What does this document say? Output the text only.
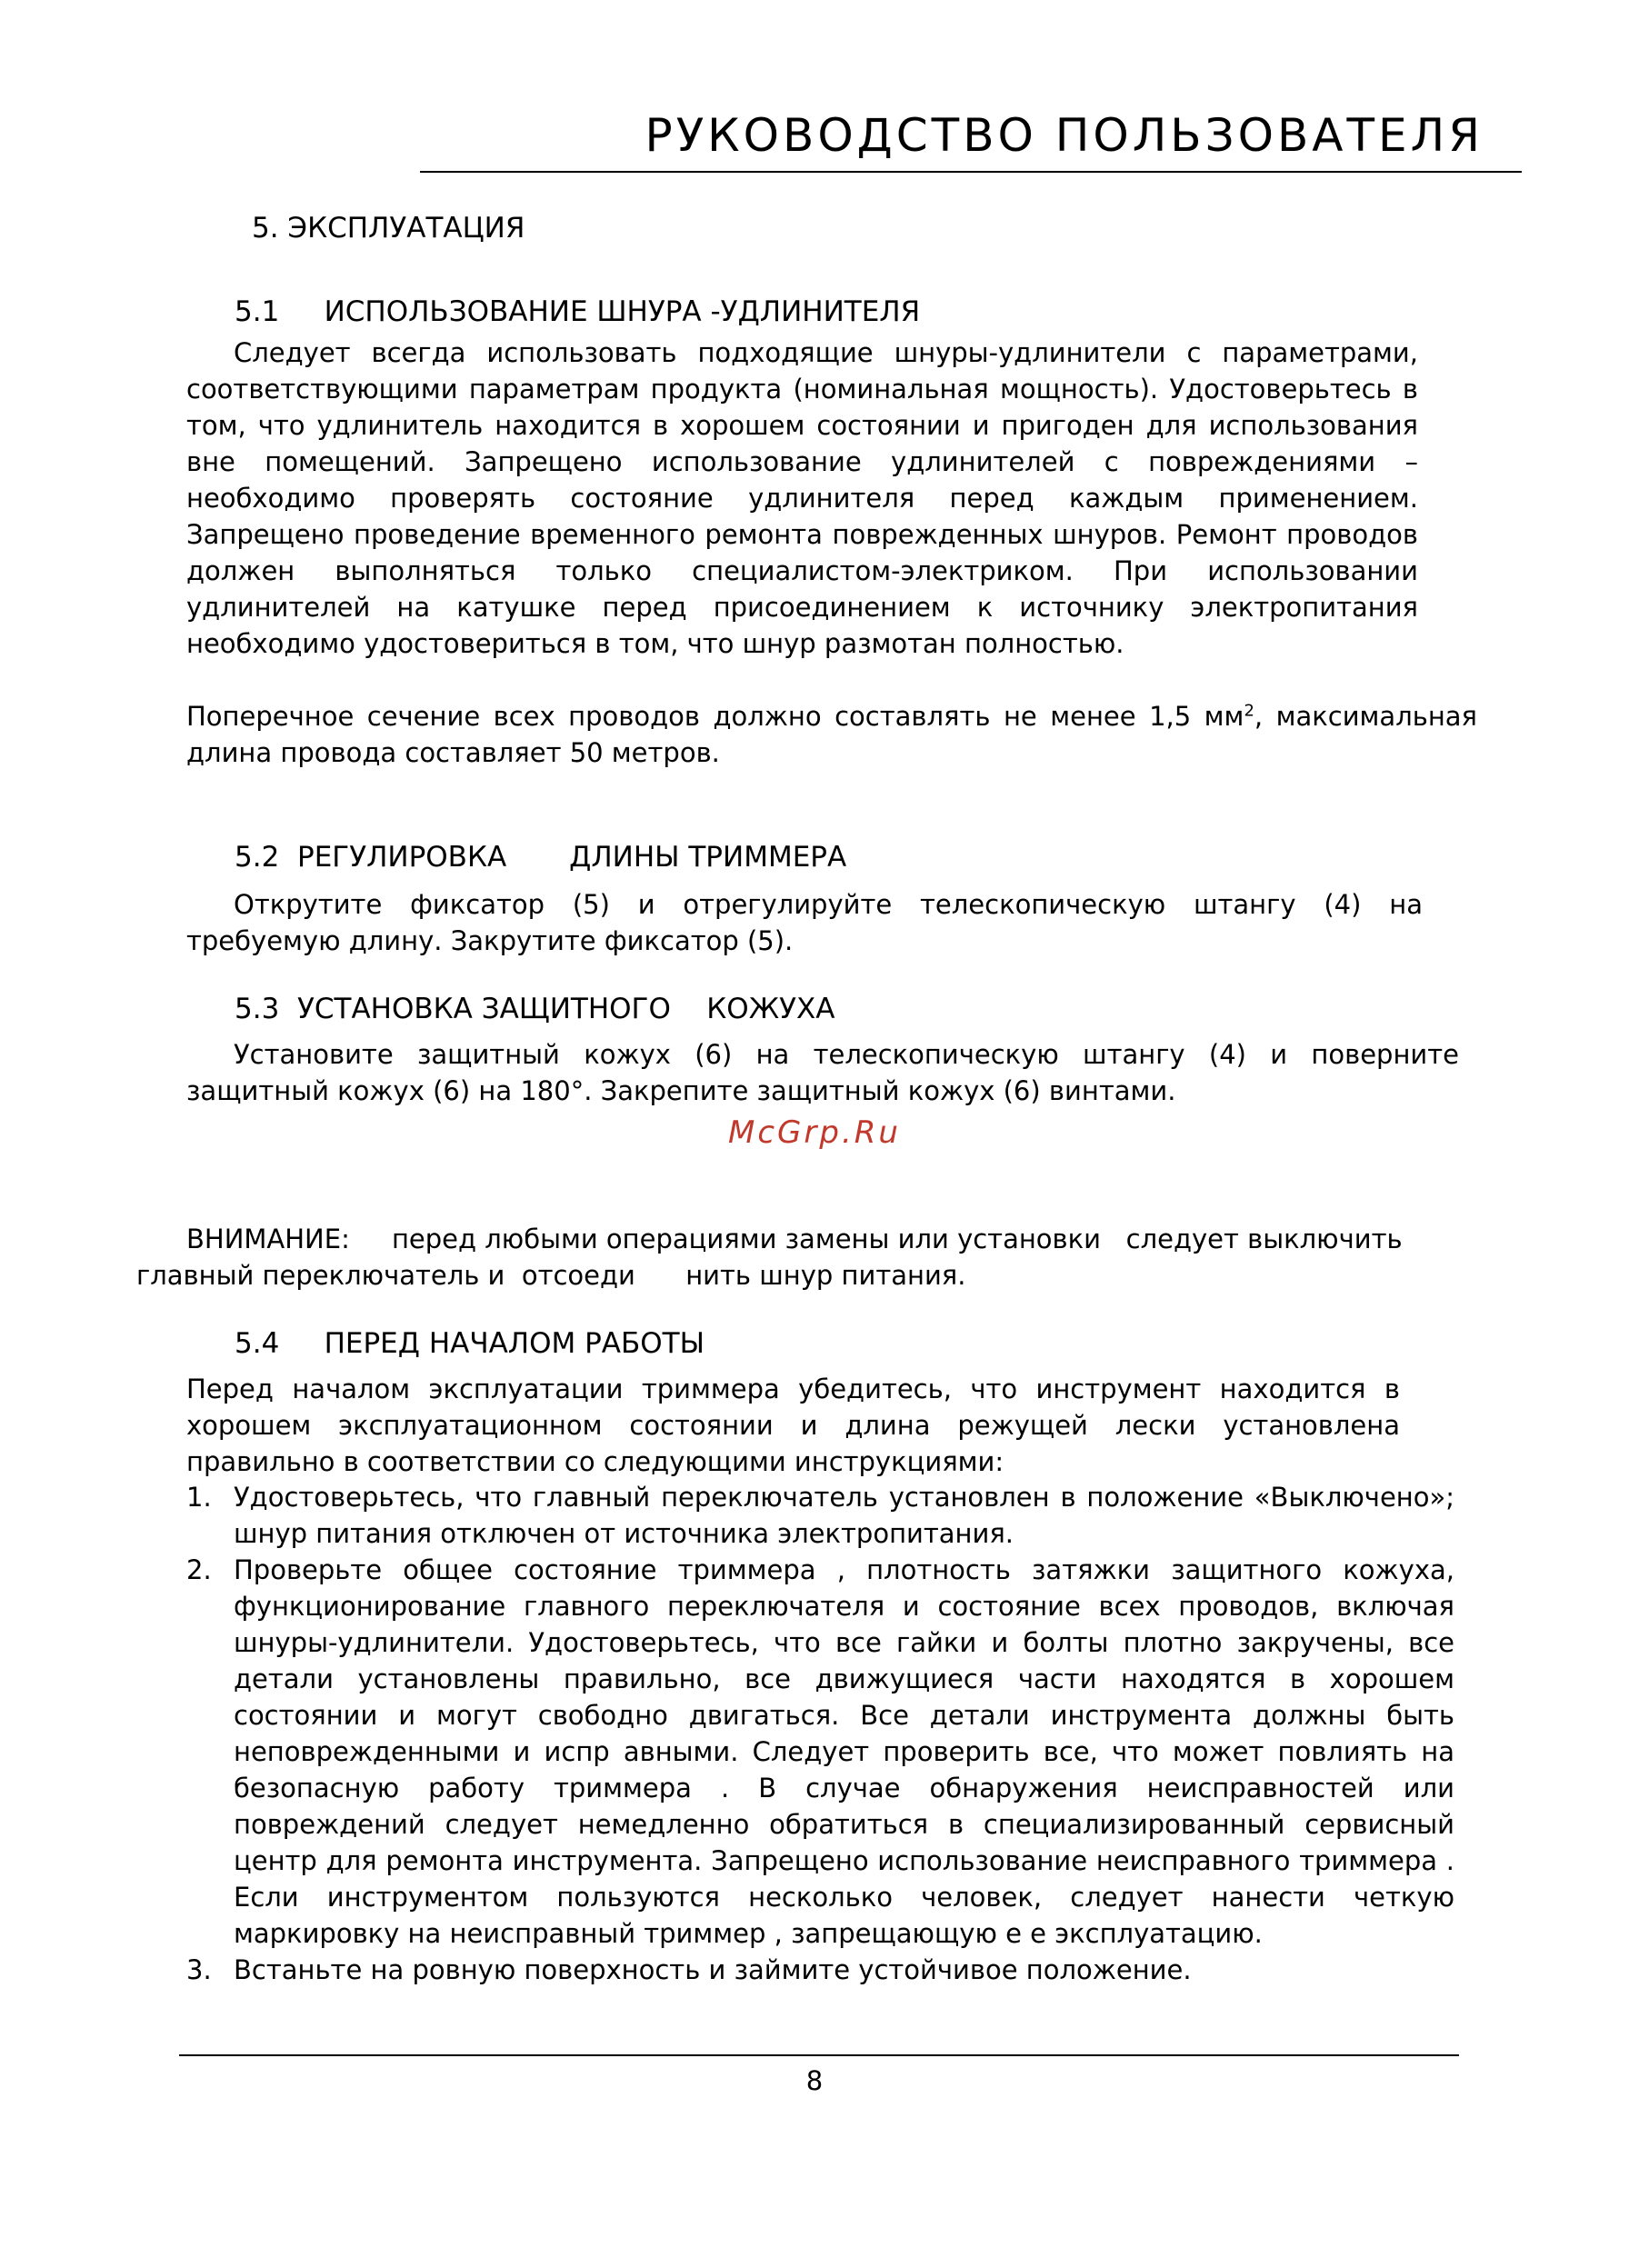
РУКОВОДСТВО ПОЛЬЗОВАТЕЛЯ
5. ЭКСПЛУАТАЦИЯ
5.1     ИСПОЛЬЗОВАНИЕ ШНУРА -УДЛИНИТЕЛЯ
Следует всегда использовать подходящие шнуры-удлинители с параметрами, соответствующими параметрам продукта (номинальная мощность). Удостоверьтесь в том, что удлинитель находится в хорошем состоянии и пригоден для использования вне помещений. Запрещено использование удлинителей с повреждениями – необходимо проверять состояние удлинителя перед каждым применением. Запрещено проведение временного ремонта поврежденных шнуров. Ремонт проводов должен выполняться только специалистом-электриком. При использовании удлинителей на катушке перед присоединением к источнику электропитания необходимо удостовериться в том, что шнур размотан полностью.
Поперечное сечение всех проводов должно составлять не менее 1,5 $мм^2$, максимальная длина провода составляет 50 метров.
5.2  РЕГУЛИРОВКА       ДЛИНЫ ТРИММЕРА
Открутите фиксатор (5) и отрегулируйте телескопическую штангу (4) на требуемую длину. Закрутите фиксатор (5).
5.3  УСТАНОВКА ЗАЩИТНОГО    КОЖУХА
Установите защитный кожух (6) на телескопическую штангу (4) и поверните защитный кожух (6) на 180°. Закрепите защитный кожух (6) винтами.
McGrp.Ru
ВНИМАНИЕ:     перед любыми операциями замены или установки   следует выключить
главный переключатель и  отсоеди      нить шнур питания.
5.4     ПЕРЕД НАЧАЛОМ РАБОТЫ
Перед началом эксплуатации триммера убедитесь, что инструмент находится в хорошем эксплуатационном состоянии и длина режущей лески установлена правильно в соответствии со следующими инструкциями:
1. Удостоверьтесь, что главный переключатель установлен в положение «Выключено»; шнур питания отключен от источника электропитания.
2. Проверьте общее состояние триммера , плотность затяжки защитного кожуха, функционирование главного переключателя и состояние всех проводов, включая шнуры-удлинители. Удостоверьтесь, что все гайки и болты плотно закручены, все детали установлены правильно, все движущиеся части находятся в хорошем состоянии и могут свободно двигаться. Все детали инструмента должны быть неповрежденными и испр авными. Следует проверить все, что может повлиять на безопасную работу триммера . В случае обнаружения неисправностей или повреждений следует немедленно обратиться в специализированный сервисный центр для ремонта инструмента. Запрещено использование неисправного триммера . Если инструментом пользуются несколько человек, следует нанести четкую маркировку на неисправный триммер , запрещающую е е эксплуатацию.
3. Встаньте на ровную поверхность и займите устойчивое положение.
8
